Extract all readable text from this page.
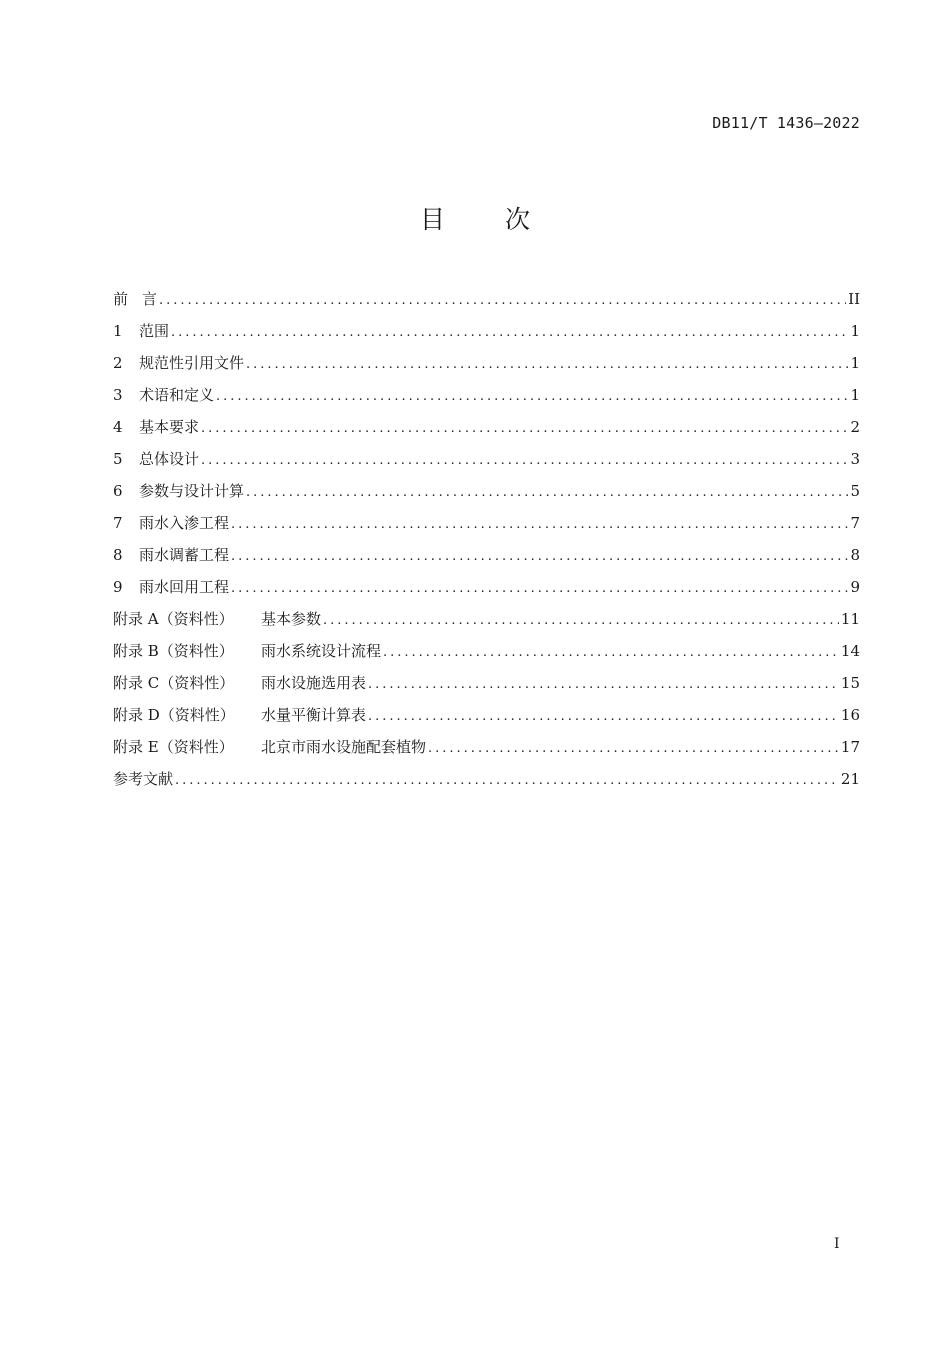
DB11/T 1436—2022
目次
前 言 .....	II
1	范围 .....	1
2	规范性引用文件 .....	1
3	术语和定义 .....	1
4	基本要求 .....	2
5	总体设计 .....	3
6	参数与设计计算 .....	5
7	雨水入渗工程 .....	7
8	雨水调蓄工程 .....	8
9	雨水回用工程 .....	9
附录 A（资料性）	基本参数 .....	11
附录 B（资料性）	雨水系统设计流程 .....	14
附录 C（资料性）	雨水设施选用表 .....	15
附录 D（资料性）	水量平衡计算表 .....	16
附录 E（资料性）	北京市雨水设施配套植物 .....	17
参考文献 .....	21
I
